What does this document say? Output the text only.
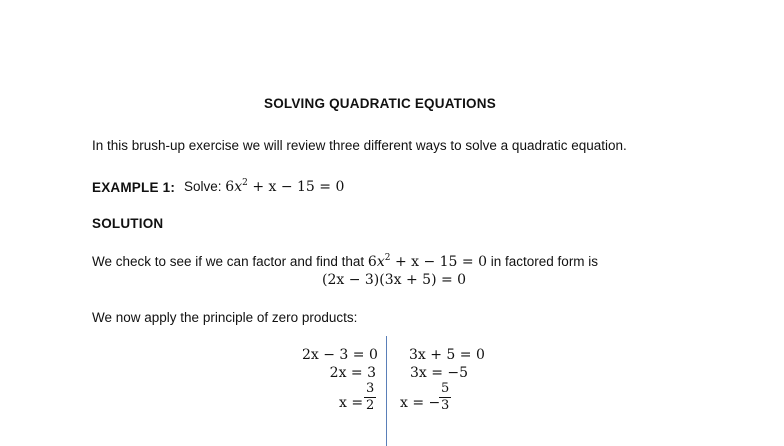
SOLVING QUADRATIC EQUATIONS
In this brush-up exercise we will review three different ways to solve a quadratic equation.
EXAMPLE 1: Solve: $6x^2 + x - 15 = 0$
SOLUTION
We check to see if we can factor and find that $6x^2 + x - 15 = 0$ in factored form is
(2x − 3)(3x + 5) = 0
We now apply the principle of zero products:
2x − 3 = 0
2x = 3
x =
3
2
3x + 5 = 0
3x = −5
x = −
5
3
